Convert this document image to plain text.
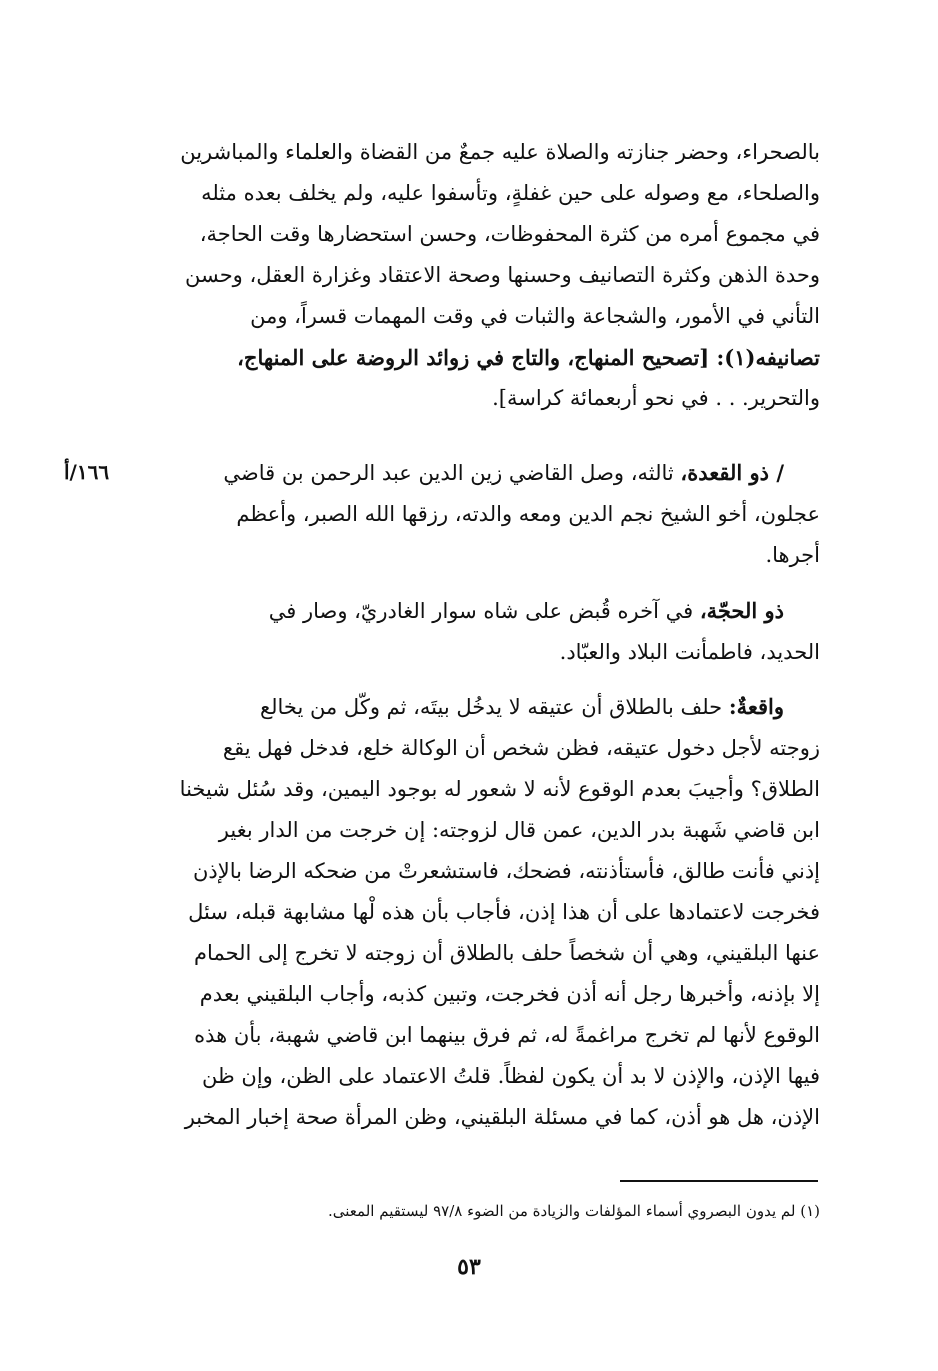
بالصحراء، وحضر جنازته والصلاة عليه جمعٌ من القضاة والعلماء والمباشرين
والصلحاء، مع وصوله على حين غفلةٍ، وتأسفوا عليه، ولم يخلف بعده مثله
في مجموع أمره من كثرة المحفوظات، وحسن استحضارها وقت الحاجة،
وحدة الذهن وكثرة التصانيف وحسنها وصحة الاعتقاد وغزارة العقل، وحسن
التأني في الأمور، والشجاعة والثبات في وقت المهمات قسراً، ومن
تصانيفه(١): [تصحيح المنهاج، والتاج في زوائد الروضة على المنهاج،
والتحرير. . . في نحو أربعمائة كراسة].
١٦٦/أ	/ ذو القعدة، ثالثه، وصل القاضي زين الدين عبد الرحمن بن قاضي
عجلون، أخو الشيخ نجم الدين ومعه والدته، رزقها الله الصبر، وأعظم
أجرها.
ذو الحجّة، في آخره قُبض على شاه سوار الغادريّ، وصار في
الحديد، فاطمأنت البلاد والعبّاد.
واقعةٌ: حلف بالطلاق أن عتيقه لا يدخُل بيتَه، ثم وكّل من يخالع
زوجته لأجل دخول عتيقه، فظن شخص أن الوكالة خلع، فدخل فهل يقع
الطلاق؟ وأجيبَ بعدم الوقوع لأنه لا شعور له بوجود اليمين، وقد سُئل شيخنا
ابن قاضي شَهبة بدر الدين، عمن قال لزوجته: إن خرجت من الدار بغير
إذني فأنت طالق، فأستأذنته، فضحك، فاستشعرتْ من ضحكه الرضا بالإذن
فخرجت لاعتمادها على أن هذا إذن، فأجاب بأن هذه لْها مشابهة قبله، سئل
عنها البلقيني، وهي أن شخصاً حلف بالطلاق أن زوجته لا تخرج إلى الحمام
إلا بإذنه، وأخبرها رجل أنه أذن فخرجت، وتبين كذبه، وأجاب البلقيني بعدم
الوقوع لأنها لم تخرج مراغمةً له، ثم فرق بينهما ابن قاضي شهبة، بأن هذه
فيها الإذن، والإذن لا بد أن يكون لفظاً. قلتُ الاعتماد على الظن، وإن ظن
الإذن، هل هو أذن، كما في مسئلة البلقيني، وظن المرأة صحة إخبار المخبر
(١) لم يدون البصروي أسماء المؤلفات والزيادة من الضوء ٩٧/٨ ليستقيم المعنى.
٥٣
